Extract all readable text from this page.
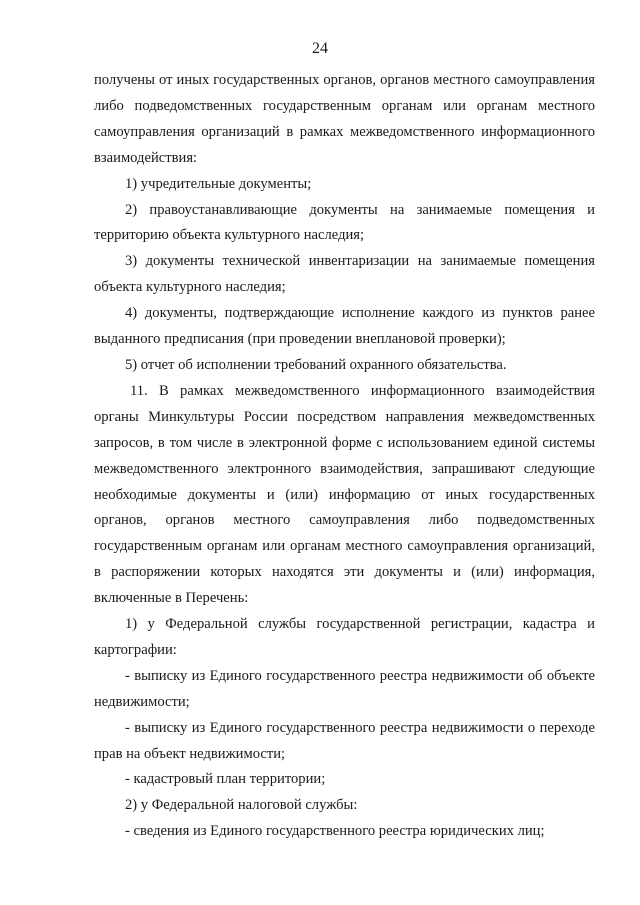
24

получены от иных государственных органов, органов местного самоуправления либо подведомственных государственным органам или органам местного самоуправления организаций в рамках межведомственного информационного взаимодействия:

1) учредительные документы;

2) правоустанавливающие документы на занимаемые помещения и территорию объекта культурного наследия;

3) документы технической инвентаризации на занимаемые помещения объекта культурного наследия;

4) документы, подтверждающие исполнение каждого из пунктов ранее выданного предписания (при проведении внеплановой проверки);

5) отчет об исполнении требований охранного обязательства.

11. В рамках межведомственного информационного взаимодействия органы Минкультуры России посредством направления межведомственных запросов, в том числе в электронной форме с использованием единой системы межведомственного электронного взаимодействия, запрашивают следующие необходимые документы и (или) информацию от иных государственных органов, органов местного самоуправления либо подведомственных государственным органам или органам местного самоуправления организаций, в распоряжении которых находятся эти документы и (или) информация, включенные в Перечень:

1) у Федеральной службы государственной регистрации, кадастра и картографии:

- выписку из Единого государственного реестра недвижимости об объекте недвижимости;

- выписку из Единого государственного реестра недвижимости о переходе прав на объект недвижимости;

- кадастровый план территории;

2) у Федеральной налоговой службы:

- сведения из Единого государственного реестра юридических лиц;
